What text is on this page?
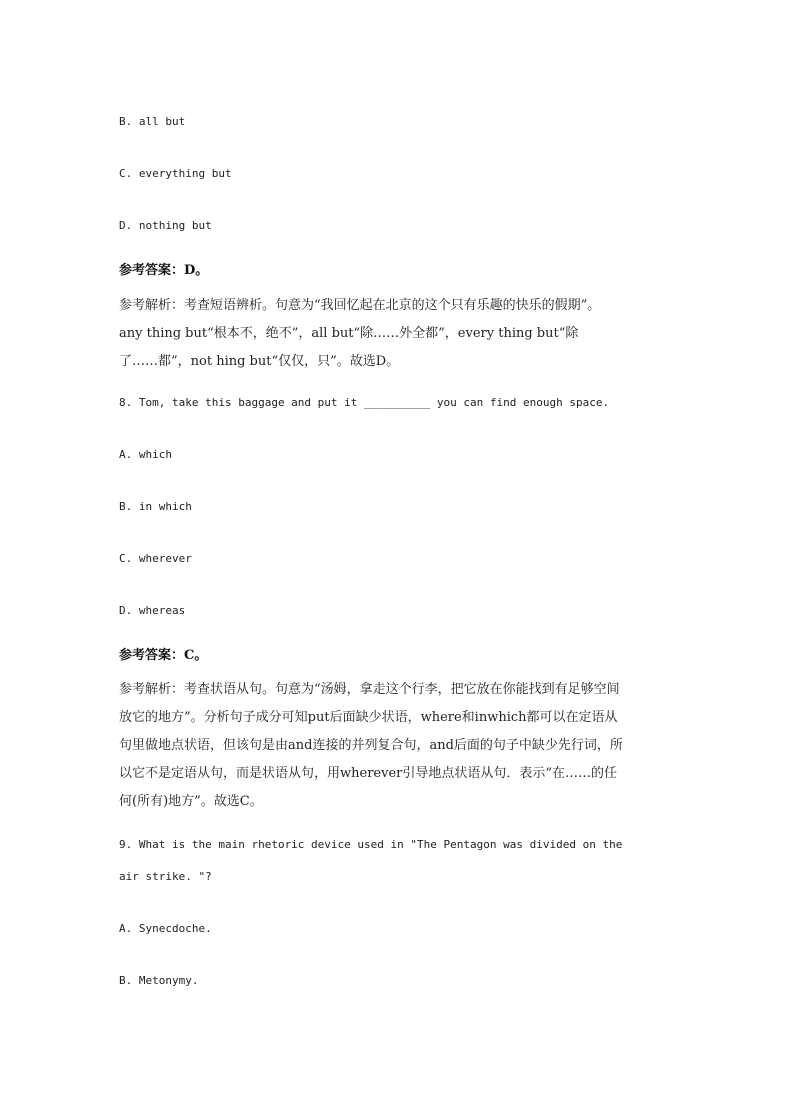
B. all but
C. everything but
D. nothing but
参考答案：D。
参考解析：考查短语辨析。句意为“我回忆起在北京的这个只有乐趣的快乐的假期”。
any thing but“根本不，绝不”，all but“除……外全都”，every thing but“除
了……都”，not hing but“仅仅，只”。故选D。
8. Tom, take this baggage and put it __________ you can find enough space.
A. which
B. in which
C. wherever
D. whereas
参考答案：C。
参考解析：考查状语从句。句意为“汤姆，拿走这个行李，把它放在你能找到有足够空间
放它的地方”。分析句子成分可知put后面缺少状语，where和inwhich都可以在定语从
句里做地点状语，但该句是由and连接的并列复合句，and后面的句子中缺少先行词，所
以它不是定语从句，而是状语从句，用wherever引导地点状语从句．表示“在……的任
何(所有)地方”。故选C。
9. What is the main rhetoric device used in "The Pentagon was divided on the
air strike. "?
A. Synecdoche.
B. Metonymy.
